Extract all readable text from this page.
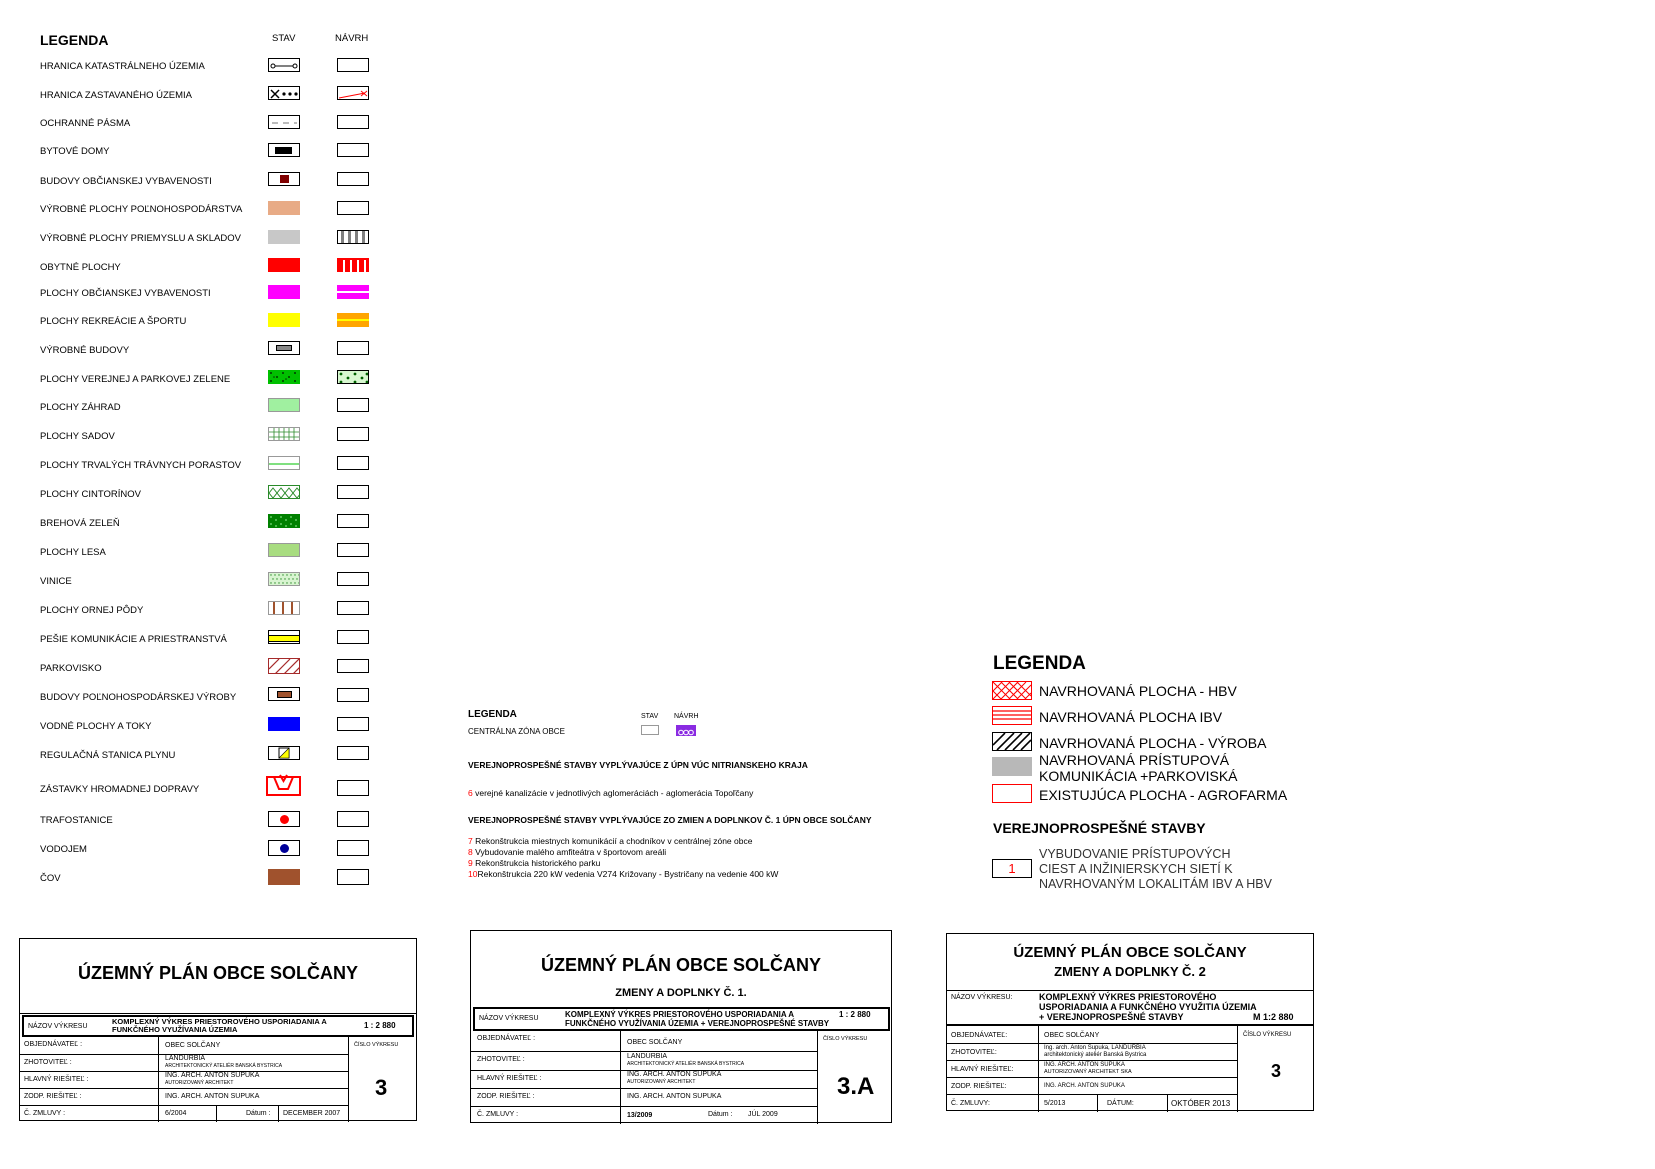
LEGENDA	STAV	NÁVRH
HRANICA KATASTRÁLNEHO ÚZEMIA
HRANICA ZASTAVANÉHO ÚZEMIA
OCHRANNÉ PÁSMA
BYTOVÉ DOMY
BUDOVY OBČIANSKEJ VYBAVENOSTI
VÝROBNÉ PLOCHY POĽNOHOSPODÁRSTVA
VÝROBNÉ PLOCHY PRIEMYSLU A SKLADOV
OBYTNÉ PLOCHY
PLOCHY OBČIANSKEJ VYBAVENOSTI
PLOCHY REKREÁCIE A ŠPORTU
VÝROBNÉ BUDOVY
PLOCHY VEREJNEJ A PARKOVEJ ZELENE
PLOCHY ZÁHRAD
PLOCHY SADOV
PLOCHY TRVALÝCH TRÁVNYCH PORASTOV
PLOCHY CINTORÍNOV
BREHOVÁ ZELEŇ
PLOCHY LESA
VINICE
PLOCHY ORNEJ PÔDY
PEŠIE KOMUNIKÁCIE A PRIESTRANSTVÁ
PARKOVISKO
BUDOVY POĽNOHOSPODÁRSKEJ VÝROBY
VODNÉ PLOCHY A TOKY
REGULAČNÁ STANICA PLYNU
ZÁSTAVKY HROMADNEJ DOPRAVY
TRAFOSTANICE
VODOJEM
ČOV
LEGENDA	STAV NÁVRH
CENTRÁLNA ZÓNA OBCE
VEREJNOPROSPEŠNÉ STAVBY VYPLÝVAJÚCE Z ÚPN VÚC NITRIANSKEHO KRAJA
6 verejné kanalizácie v jednotlivých aglomeráciách - aglomerácia Topoľčany
VEREJNOPROSPEŠNÉ STAVBY VYPLÝVAJÚCE ZO ZMIEN A DOPLNKOV Č. 1 ÚPN OBCE SOLČANY
7 Rekonštrukcia miestnych komunikácií a chodníkov v centrálnej zóne obce
8 Vybudovanie malého amfiteátra v športovom areáli
9 Rekonštrukcia historického parku
10Rekonštrukcia 220 kW vedenia V274 Križovany - Bystričany na vedenie 400 kW
LEGENDA
NAVRHOVANÁ PLOCHA - HBV
NAVRHOVANÁ PLOCHA IBV
NAVRHOVANÁ PLOCHA - VÝROBA
NAVRHOVANÁ PRÍSTUPOVÁ
KOMUNIKÁCIA +PARKOVISKÁ
EXISTUJÚCA PLOCHA - AGROFARMA
VEREJNOPROSPEŠNÉ STAVBY
1
VYBUDOVANIE PRÍSTUPOVÝCH
CIEST A INŽINIERSKYCH SIETÍ K
NAVRHOVANÝM LOKALITÁM IBV A HBV
ÚZEMNÝ PLÁN OBCE SOLČANY
NÁZOV VÝKRESU
KOMPLEXNÝ VÝKRES PRIESTOROVÉHO USPORIADANIA A
FUNKČNÉHO VYUŽÍVANIA ÚZEMIA	1 : 2 880
OBJEDNÁVATEĽ :	OBEC SOLČANY
ZHOTOVITEĽ :
LANDURBIA
ARCHITEKTONICKÝ ATELIÉR BANSKÁ BYSTRICA
HLAVNÝ RIEŠITEĽ :
ING. ARCH. ANTON SUPUKA
AUTORIZOVANÝ ARCHITEKT
ZODP. RIEŠITEĽ :	ING. ARCH. ANTON SUPUKA
Č. ZMLUVY :	6/2004	Dátum : DECEMBER 2007
ČÍSLO VÝKRESU
3
ÚZEMNÝ PLÁN OBCE SOLČANY
ZMENY A DOPLNKY Č. 1.
NÁZOV VÝKRESU	KOMPLEXNÝ VÝKRES PRIESTOROVÉHO USPORIADANIA A
FUNKČNÉHO VYUŽÍVANIA ÚZEMIA + VEREJNOPROSPEŠNÉ STAVBY
1 : 2 880
OBJEDNÁVATEĽ :
OBEC SOLČANY
ZHOTOVITEĽ :	LANDURBIA
ARCHITEKTONICKÝ ATELIÉR BANSKÁ BYSTRICA
HLAVNÝ RIEŠITEĽ :
ING. ARCH. ANTON SUPUKA
AUTORIZOVANÝ ARCHITEKT
ZODP. RIEŠITEĽ :	ING. ARCH. ANTON SUPUKA
Č. ZMLUVY :	13/2009	Dátum : JÚL 2009
ČÍSLO VÝKRESU
3.A
ÚZEMNÝ PLÁN OBCE SOLČANY
ZMENY A DOPLNKY Č. 2
NÁZOV VÝKRESU:	KOMPLEXNÝ VÝKRES PRIESTOROVÉHO
USPORIADANIA A FUNKČNÉHO VYUŽITIA ÚZEMIA
+ VEREJNOPROSPEŠNÉ STAVBY	M 1:2 880
OBJEDNÁVATEĽ:	OBEC SOLČANY
ZHOTOVITEĽ:
Ing. arch. Anton Supuka, LANDURBIA
architektonický ateliér Banská Bystrica
HLAVNÝ RIEŠITEĽ:
ING. ARCH. ANTON SUPUKA
AUTORIZOVANÝ ARCHITEKT SKA
ZODP. RIEŠITEĽ:	ING. ARCH. ANTON SUPUKA
Č. ZMLUVY:	5/2013	DÁTUM:	OKTÓBER 2013
ČÍSLO VÝKRESU
3
